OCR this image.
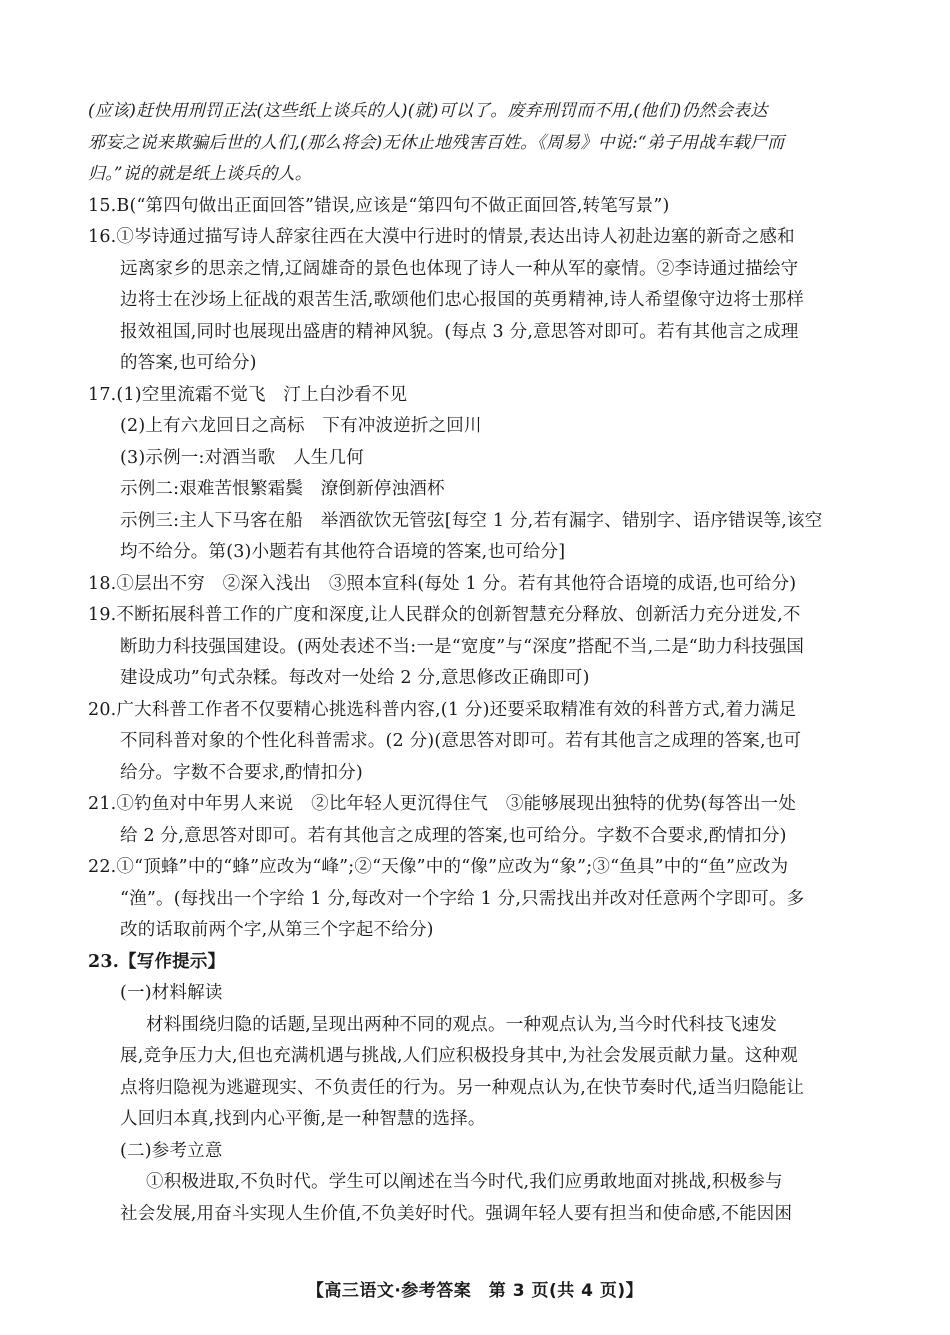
(应该)赶快用刑罚正法(这些纸上谈兵的人)(就)可以了。废弃刑罚而不用,(他们)仍然会表达
邪妄之说来欺骗后世的人们,(那么将会)无休止地残害百姓。《周易》中说:“弟子用战车载尸而
归。”说的就是纸上谈兵的人。
15.B(“第四句做出正面回答”错误,应该是“第四句不做正面回答,转笔写景”)
16.①岑诗通过描写诗人辞家往西在大漠中行进时的情景,表达出诗人初赴边塞的新奇之感和
远离家乡的思亲之情,辽阔雄奇的景色也体现了诗人一种从军的豪情。②李诗通过描绘守
边将士在沙场上征战的艰苦生活,歌颂他们忠心报国的英勇精神,诗人希望像守边将士那样
报效祖国,同时也展现出盛唐的精神风貌。(每点 3 分,意思答对即可。若有其他言之成理
的答案,也可给分)
17.(1)空里流霜不觉飞　汀上白沙看不见
(2)上有六龙回日之高标　下有冲波逆折之回川
(3)示例一:对酒当歌　人生几何
示例二:艰难苦恨繁霜鬓　潦倒新停浊酒杯
示例三:主人下马客在船　举酒欲饮无管弦[每空 1 分,若有漏字、错别字、语序错误等,该空
均不给分。第(3)小题若有其他符合语境的答案,也可给分]
18.①层出不穷　②深入浅出　③照本宣科(每处 1 分。若有其他符合语境的成语,也可给分)
19.不断拓展科普工作的广度和深度,让人民群众的创新智慧充分释放、创新活力充分迸发,不
断助力科技强国建设。(两处表述不当:一是“宽度”与“深度”搭配不当,二是“助力科技强国
建设成功”句式杂糅。每改对一处给 2 分,意思修改正确即可)
20.广大科普工作者不仅要精心挑选科普内容,(1 分)还要采取精准有效的科普方式,着力满足
不同科普对象的个性化科普需求。(2 分)(意思答对即可。若有其他言之成理的答案,也可
给分。字数不合要求,酌情扣分)
21.①钓鱼对中年男人来说　②比年轻人更沉得住气　③能够展现出独特的优势(每答出一处
给 2 分,意思答对即可。若有其他言之成理的答案,也可给分。字数不合要求,酌情扣分)
22.①“顶蜂”中的“蜂”应改为“峰”;②“天像”中的“像”应改为“象”;③“鱼具”中的“鱼”应改为
“渔”。(每找出一个字给 1 分,每改对一个字给 1 分,只需找出并改对任意两个字即可。多
改的话取前两个字,从第三个字起不给分)
23.【写作提示】
(一)材料解读
材料围绕归隐的话题,呈现出两种不同的观点。一种观点认为,当今时代科技飞速发
展,竞争压力大,但也充满机遇与挑战,人们应积极投身其中,为社会发展贡献力量。这种观
点将归隐视为逃避现实、不负责任的行为。另一种观点认为,在快节奏时代,适当归隐能让
人回归本真,找到内心平衡,是一种智慧的选择。
(二)参考立意
①积极进取,不负时代。学生可以阐述在当今时代,我们应勇敢地面对挑战,积极参与
社会发展,用奋斗实现人生价值,不负美好时代。强调年轻人要有担当和使命感,不能因困
【高三语文·参考答案　第 3 页(共 4 页)】
